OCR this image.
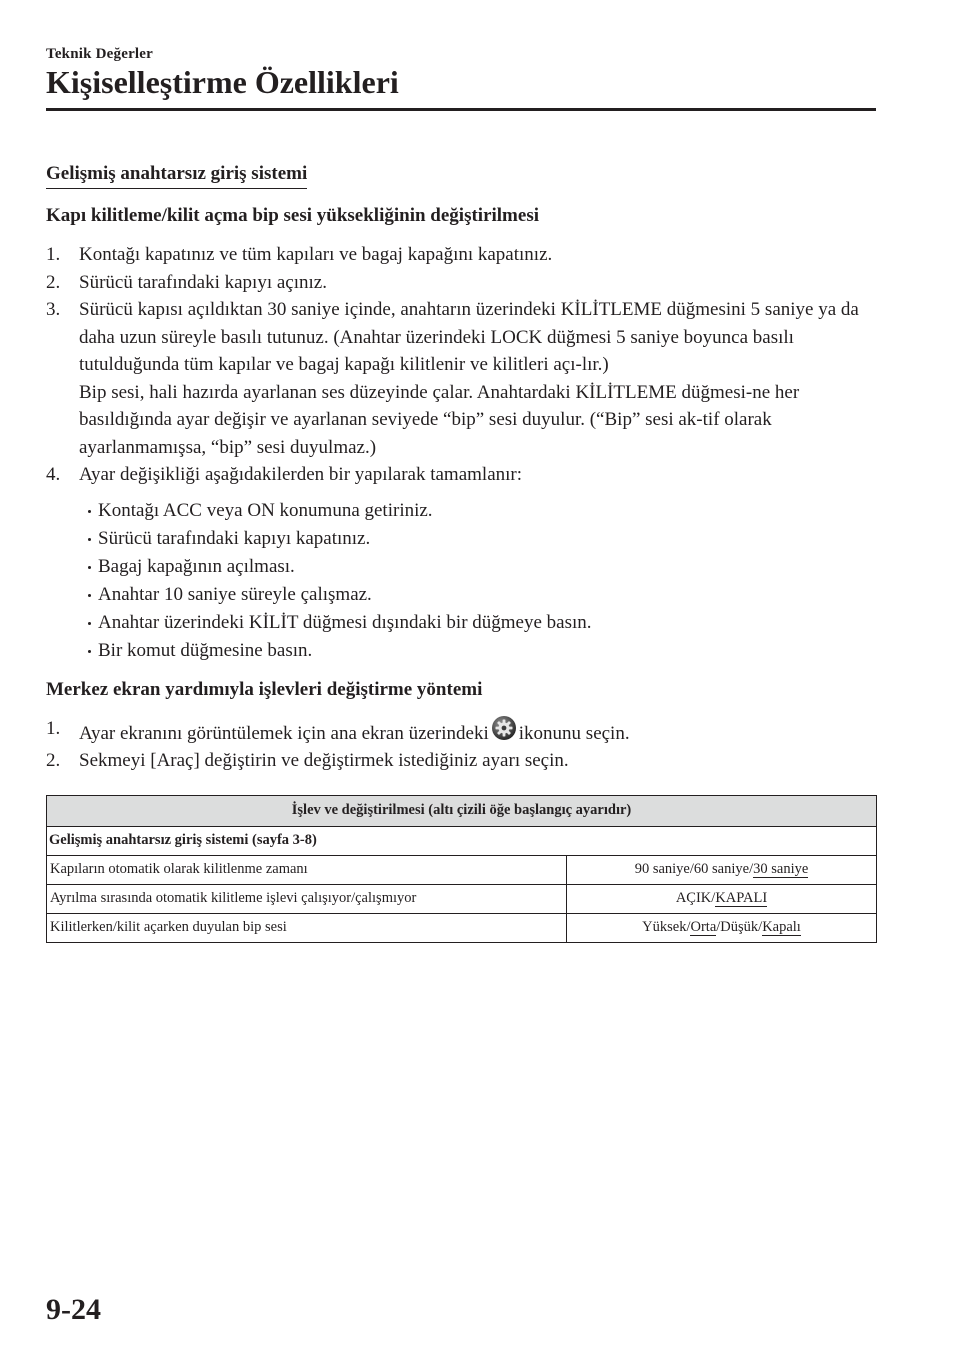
Teknik Değerler
Kişiselleştirme Özellikleri
Gelişmiş anahtarsız giriş sistemi
Kapı kilitleme/kilit açma bip sesi yüksekliğinin değiştirilmesi
1. Kontağı kapatınız ve tüm kapıları ve bagaj kapağını kapatınız.
2. Sürücü tarafındaki kapıyı açınız.
3. Sürücü kapısı açıldıktan 30 saniye içinde, anahtarın üzerindeki KİLİTLEME düğmesini 5 saniye ya da daha uzun süreyle basılı tutunuz. (Anahtar üzerindeki LOCK düğmesi 5 saniye boyunca basılı tutulduğunda tüm kapılar ve bagaj kapağı kilitlenir ve kilitleri açı-lır.)
Bip sesi, hali hazırda ayarlanan ses düzeyinde çalar. Anahtardaki KİLİTLEME düğmesi-ne her basıldığında ayar değişir ve ayarlanan seviyede “bip” sesi duyulur. (“Bip” sesi ak-tif olarak ayarlanmamışsa, “bip” sesi duyulmaz.)
4. Ayar değişikliği aşağıdakilerden bir yapılarak tamamlanır:
Kontağı ACC veya ON konumuna getiriniz.
Sürücü tarafındaki kapıyı kapatınız.
Bagaj kapağının açılması.
Anahtar 10 saniye süreyle çalışmaz.
Anahtar üzerindeki KİLİT düğmesi dışındaki bir düğmeye basın.
Bir komut düğmesine basın.
Merkez ekran yardımıyla işlevleri değiştirme yöntemi
1. Ayar ekranını görüntülemek için ana ekran üzerindeki ikonunu seçin.
2. Sekmeyi [Araç] değiştirin ve değiştirmek istediğiniz ayarı seçin.
İşlev ve değiştirilmesi (altı çizili öğe başlangıç ayarıdır)	
Gelişmiş anahtarsız giriş sistemi (sayfa 3-8)	
Kapıların otomatik olarak kilitlenme zamanı	90 saniye/60 saniye/30 saniye
Ayrılma sırasında otomatik kilitleme işlevi çalışıyor/çalışmıyor	AÇIK/KAPALI
Kilitlerken/kilit açarken duyulan bip sesi	Yüksek/Orta/Düşük/Kapalı
9-24
